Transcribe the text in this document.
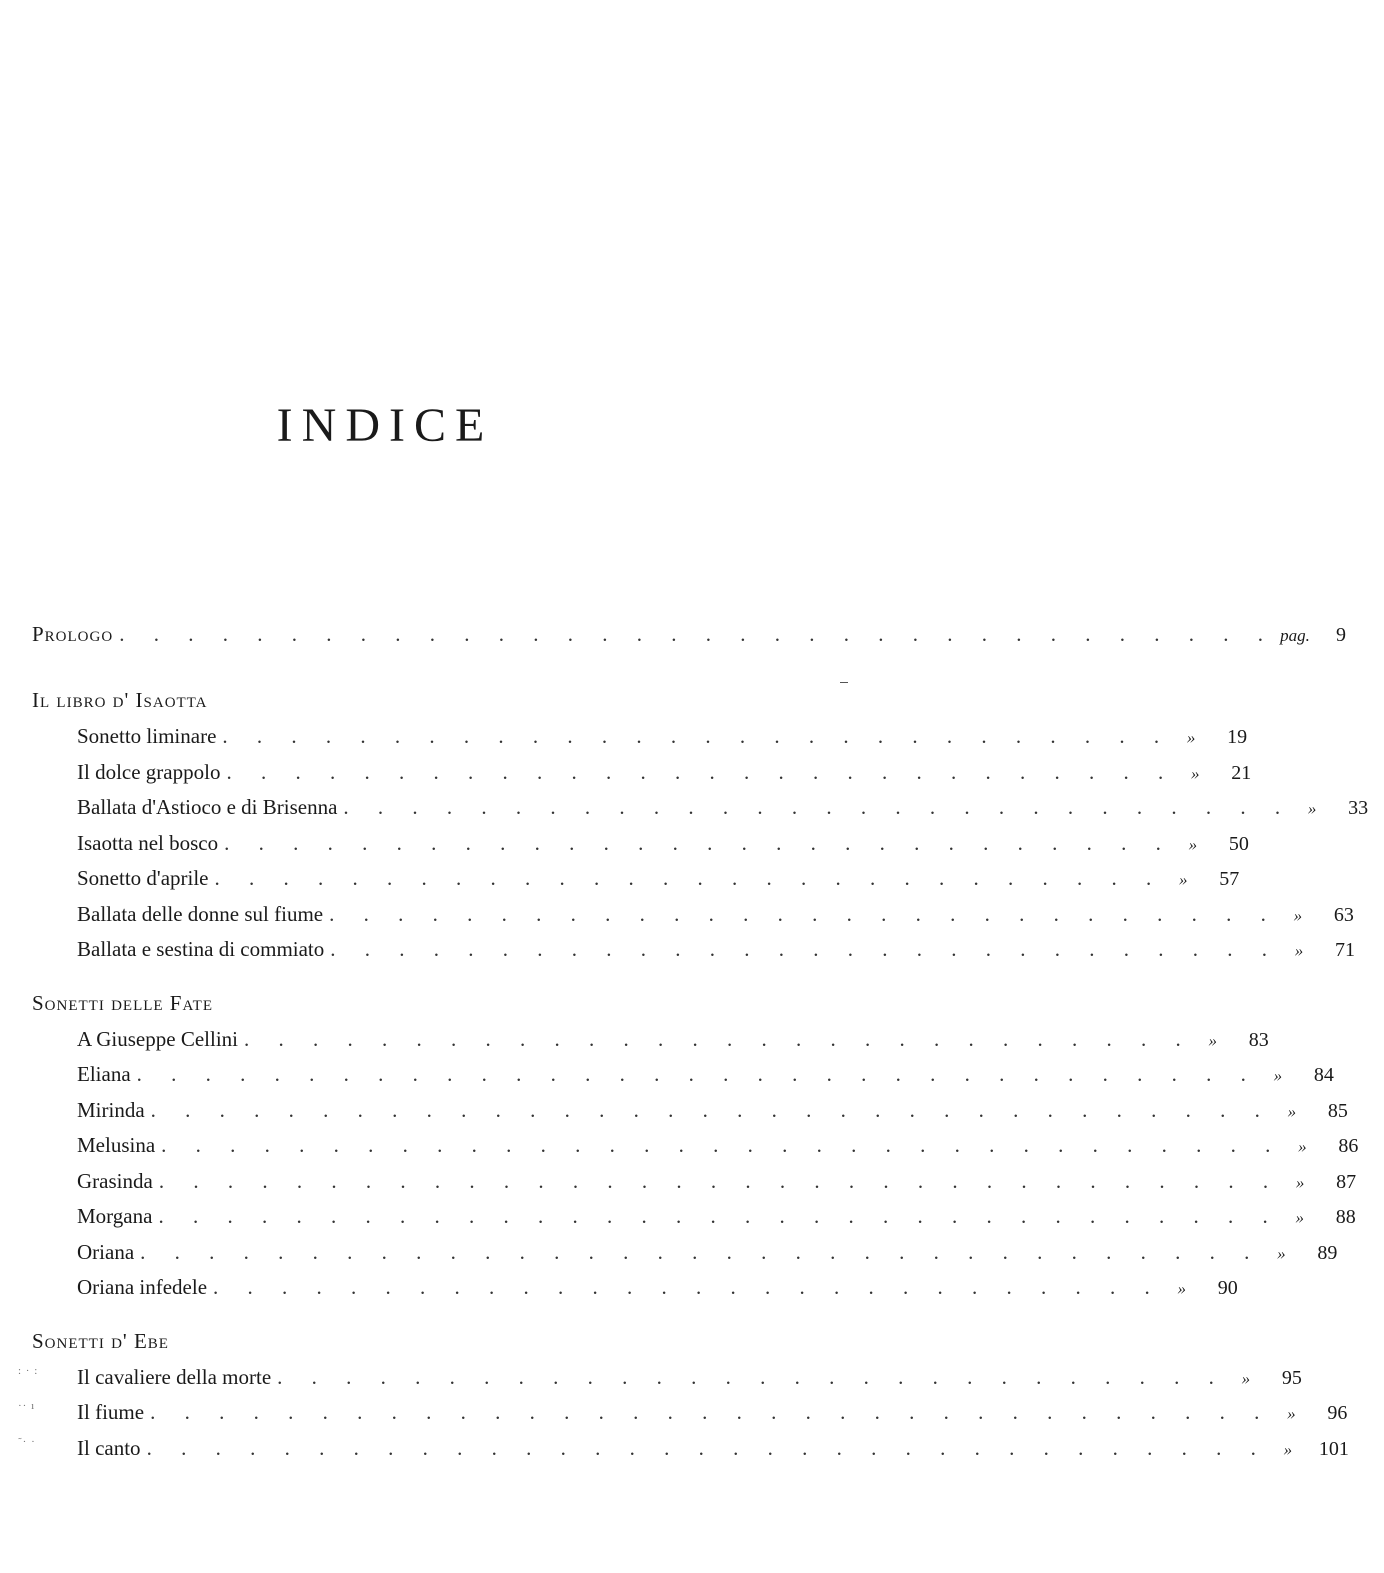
INDICE
Prologo . . . . . . . . . . . . . . . . . . . . . . . . . . . . . . . . . . pag.	9
Il libro d' Isaotta
Sonetto liminare . . . . . . . . . . . . . . . . . . . . . . . . . . . . »	19
Il dolce grappolo . . . . . . . . . . . . . . . . . . . . . . . . . . . . »	21
Ballata d'Astioco e di Brisenna . . . . . . . . . . . . . . . . . . . . . . . . . . . . »	33
Isaotta nel bosco . . . . . . . . . . . . . . . . . . . . . . . . . . . . »	50
Sonetto d'aprile . . . . . . . . . . . . . . . . . . . . . . . . . . . . »	57
Ballata delle donne sul fiume . . . . . . . . . . . . . . . . . . . . . . . . . . . . »	63
Ballata e sestina di commiato . . . . . . . . . . . . . . . . . . . . . . . . . . . . »	71
Sonetti delle Fate
A Giuseppe Cellini . . . . . . . . . . . . . . . . . . . . . . . . . . . . »	83
Eliana . . . . . . . . . . . . . . . . . . . . . . . . . . . . . . . . . »	84
Mirinda . . . . . . . . . . . . . . . . . . . . . . . . . . . . . . . . . »	85
Melusina . . . . . . . . . . . . . . . . . . . . . . . . . . . . . . . . . »	86
Grasinda . . . . . . . . . . . . . . . . . . . . . . . . . . . . . . . . . »	87
Morgana . . . . . . . . . . . . . . . . . . . . . . . . . . . . . . . . . »	88
Oriana . . . . . . . . . . . . . . . . . . . . . . . . . . . . . . . . . »	89
Oriana infedele . . . . . . . . . . . . . . . . . . . . . . . . . . . . »	90
Sonetti d' Ebe
: · :	Il cavaliere della morte . . . . . . . . . . . . . . . . . . . . . . . . . . . . »	95
·· ı	Il fiume . . . . . . . . . . . . . . . . . . . . . . . . . . . . . . . . . »	96
˜· ·	Il canto . . . . . . . . . . . . . . . . . . . . . . . . . . . . . . . . . »	101
